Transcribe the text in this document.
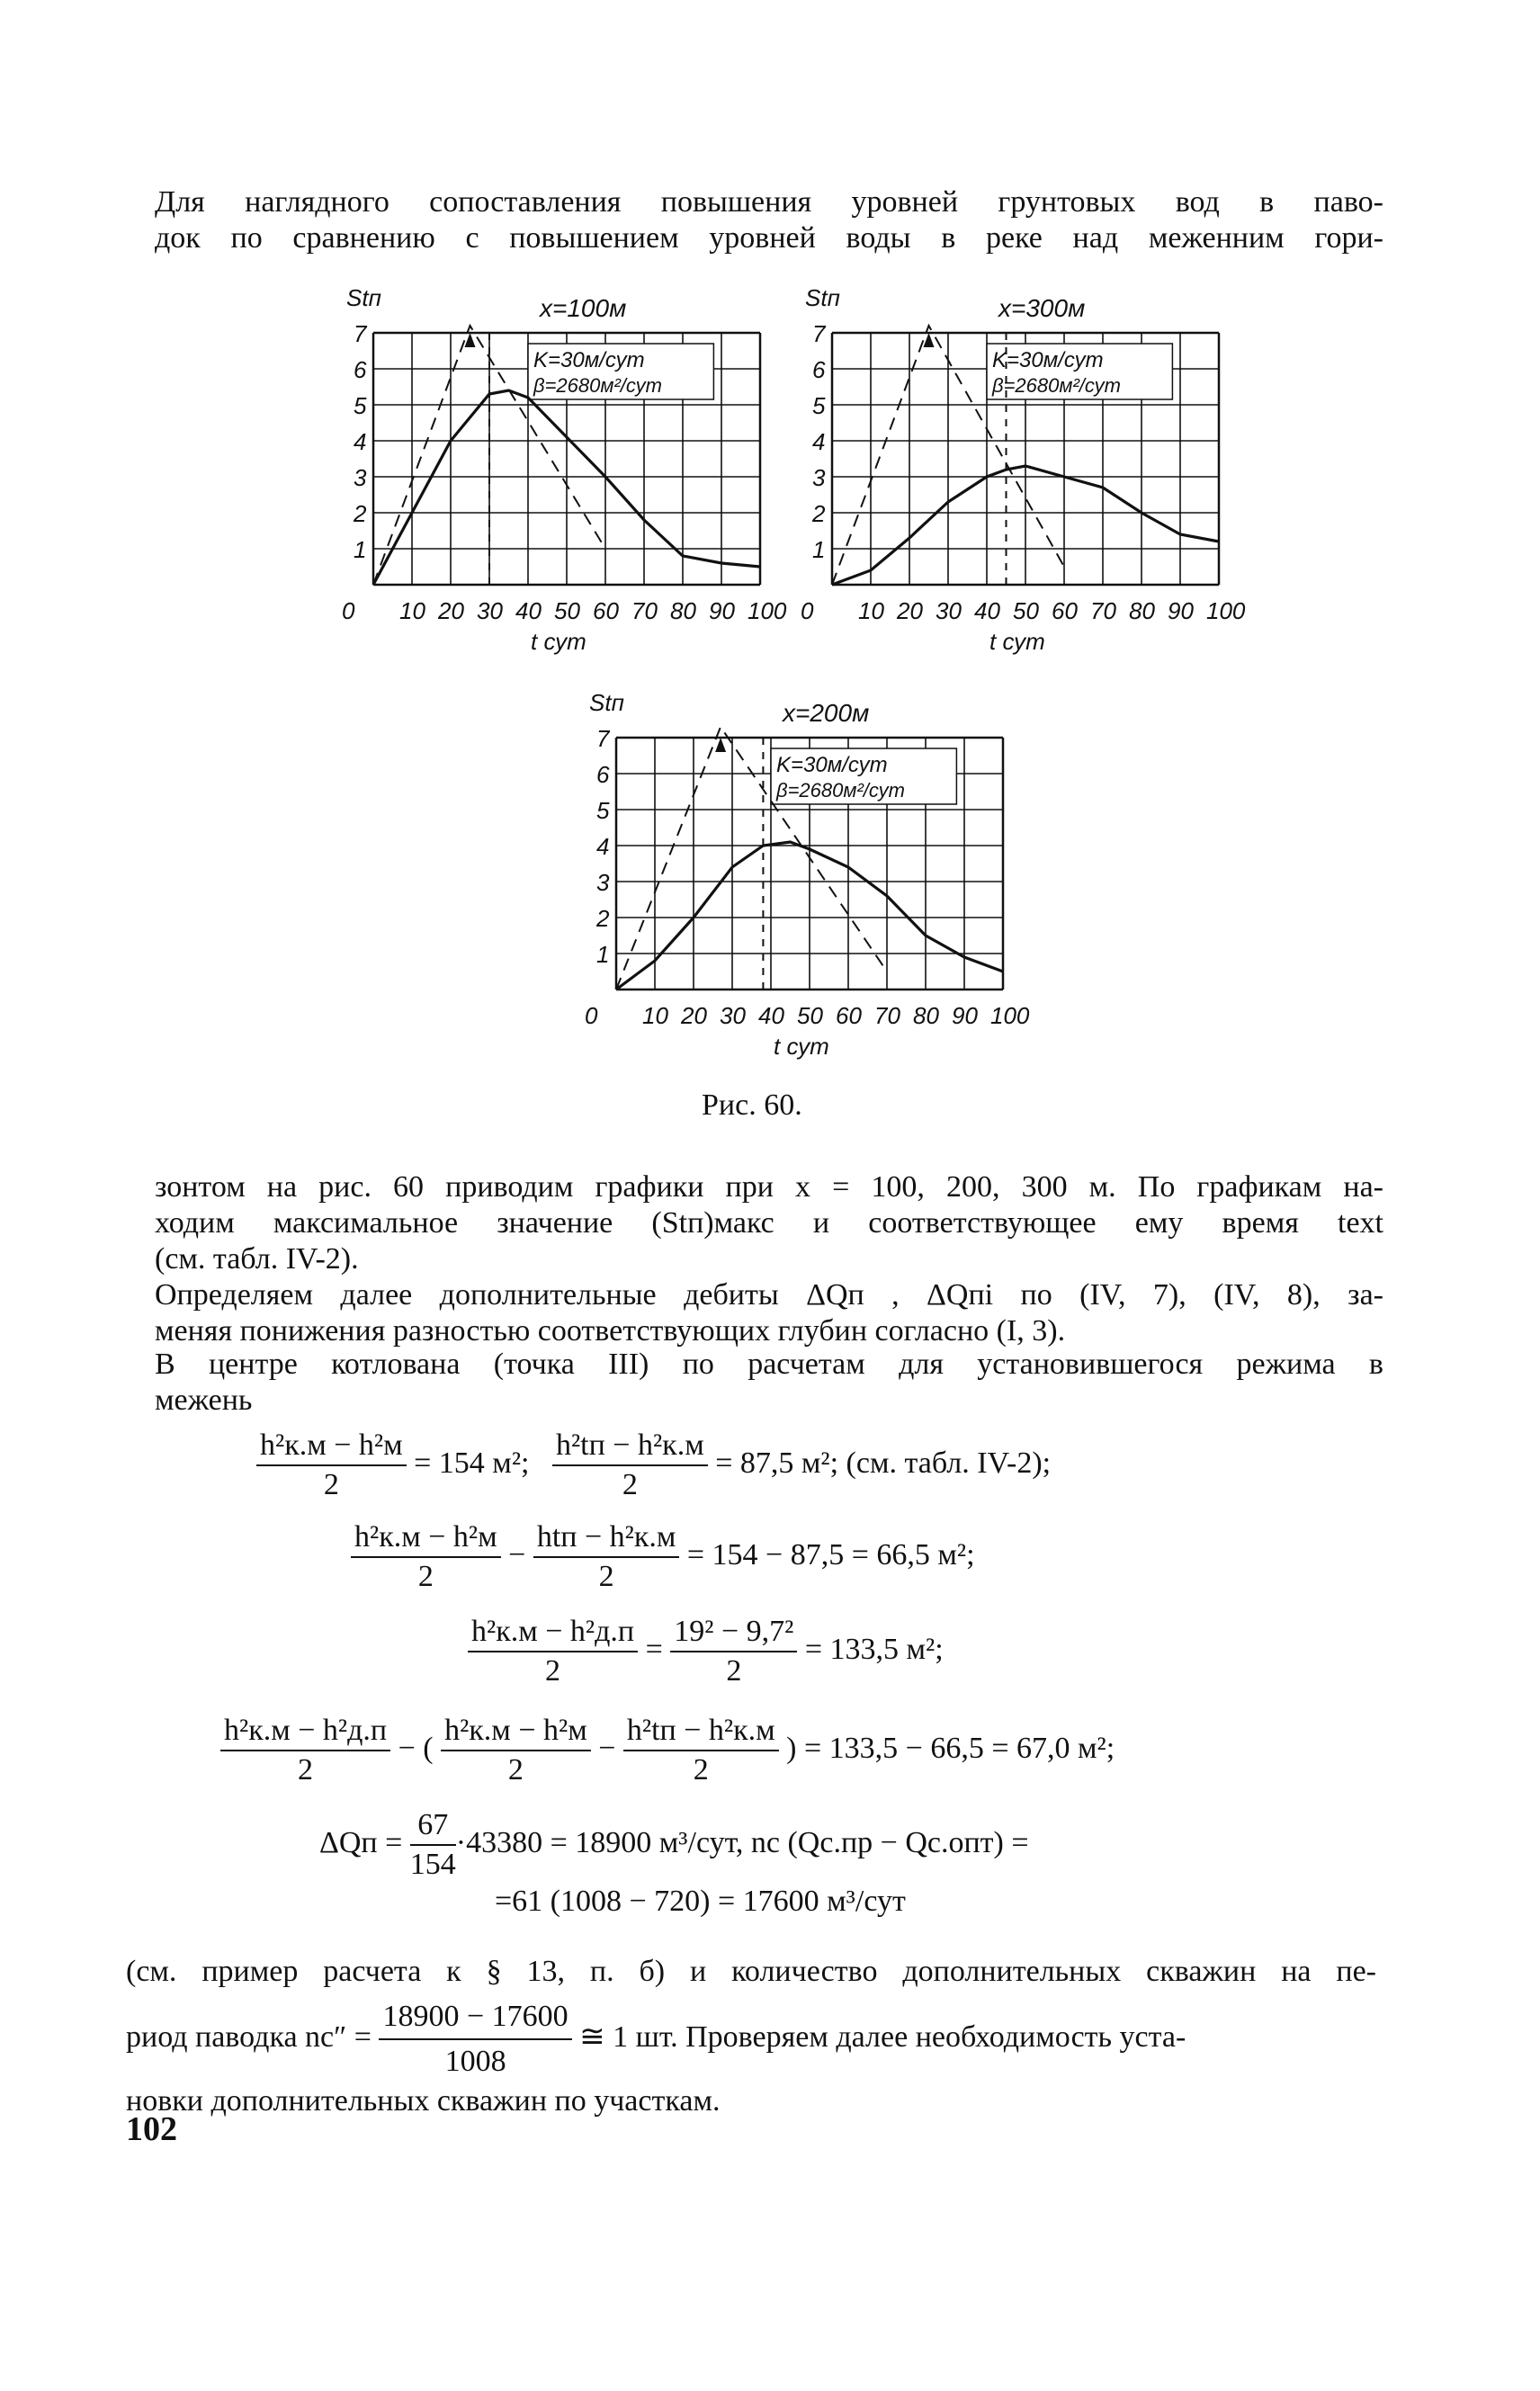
Для наглядного сопоставления повышения уровней грунтовых вод в паво-
док по сравнению с повышением уровней воды в реке над меженним гори-
1
2
3
4
5
6
7
0 10 20 30 40 50 60 70 80 90 100
Stп
t сут
x=100м
K=30м/сут
β=2680м²/сут
1
2
3
4
5
6
7
0 10 20 30 40 50 60 70 80 90 100
Stп
t сут
x=300м
K=30м/сут
β=2680м²/сут
1
2
3
4
5
6
7
0 10 20 30 40 50 60 70 80 90 100
Stп
t сут
x=200м
K=30м/сут
β=2680м²/сут
Рис. 60.
зонтом на рис. 60 приводим графики при x = 100, 200, 300 м. По графикам на-
ходим максимальное значение (Stп)макс и соответствующее ему время text
(см. табл. IV-2).
Определяем далее дополнительные дебиты ΔQп , ΔQпi по (IV, 7), (IV, 8), за-
меняя понижения разностью соответствующих глубин согласно (I, 3).
В центре котлована (точка III) по расчетам для установившегося режима в
межень
$\frac{\text{h²к.м − h²м}}{2} = 154$ м²; $\frac{\text{h²tп − h²к.м}}{2} = 87,5$ м²; (см. табл. IV-2);
$\frac{\text{h²к.м − h²м}}{2} - \frac{\text{htп − h²к.м}}{2} = 154 - 87,5 = 66,5$ м²;
$\frac{\text{h²к.м − h²д.п}}{2} = \frac{\text{19² − 9,7²}}{2} = 133,5$ м²;
$\frac{\text{h²к.м − h²д.п}}{2}$ − ( $\frac{\text{h²к.м − h²м}}{2} - \frac{\text{h²tп − h²к.м}}{2}$ ) = 133,5 − 66,5 = 67,0 м²;
$\Delta Qп = \frac{67}{154} \cdot 43380 = 18900$ м³/сут, nс (Qс.пр − Qс.опт) =
=61 (1008 − 720) = 17600 м³/сут
(см. пример расчета к § 13, п. б) и количество дополнительных скважин на пе-
риод паводка $nс'' = \frac{18900 - 17600}{1008}$ ≅ 1 шт. Проверяем далее необходимость уста-
новки дополнительных скважин по участкам.
102
